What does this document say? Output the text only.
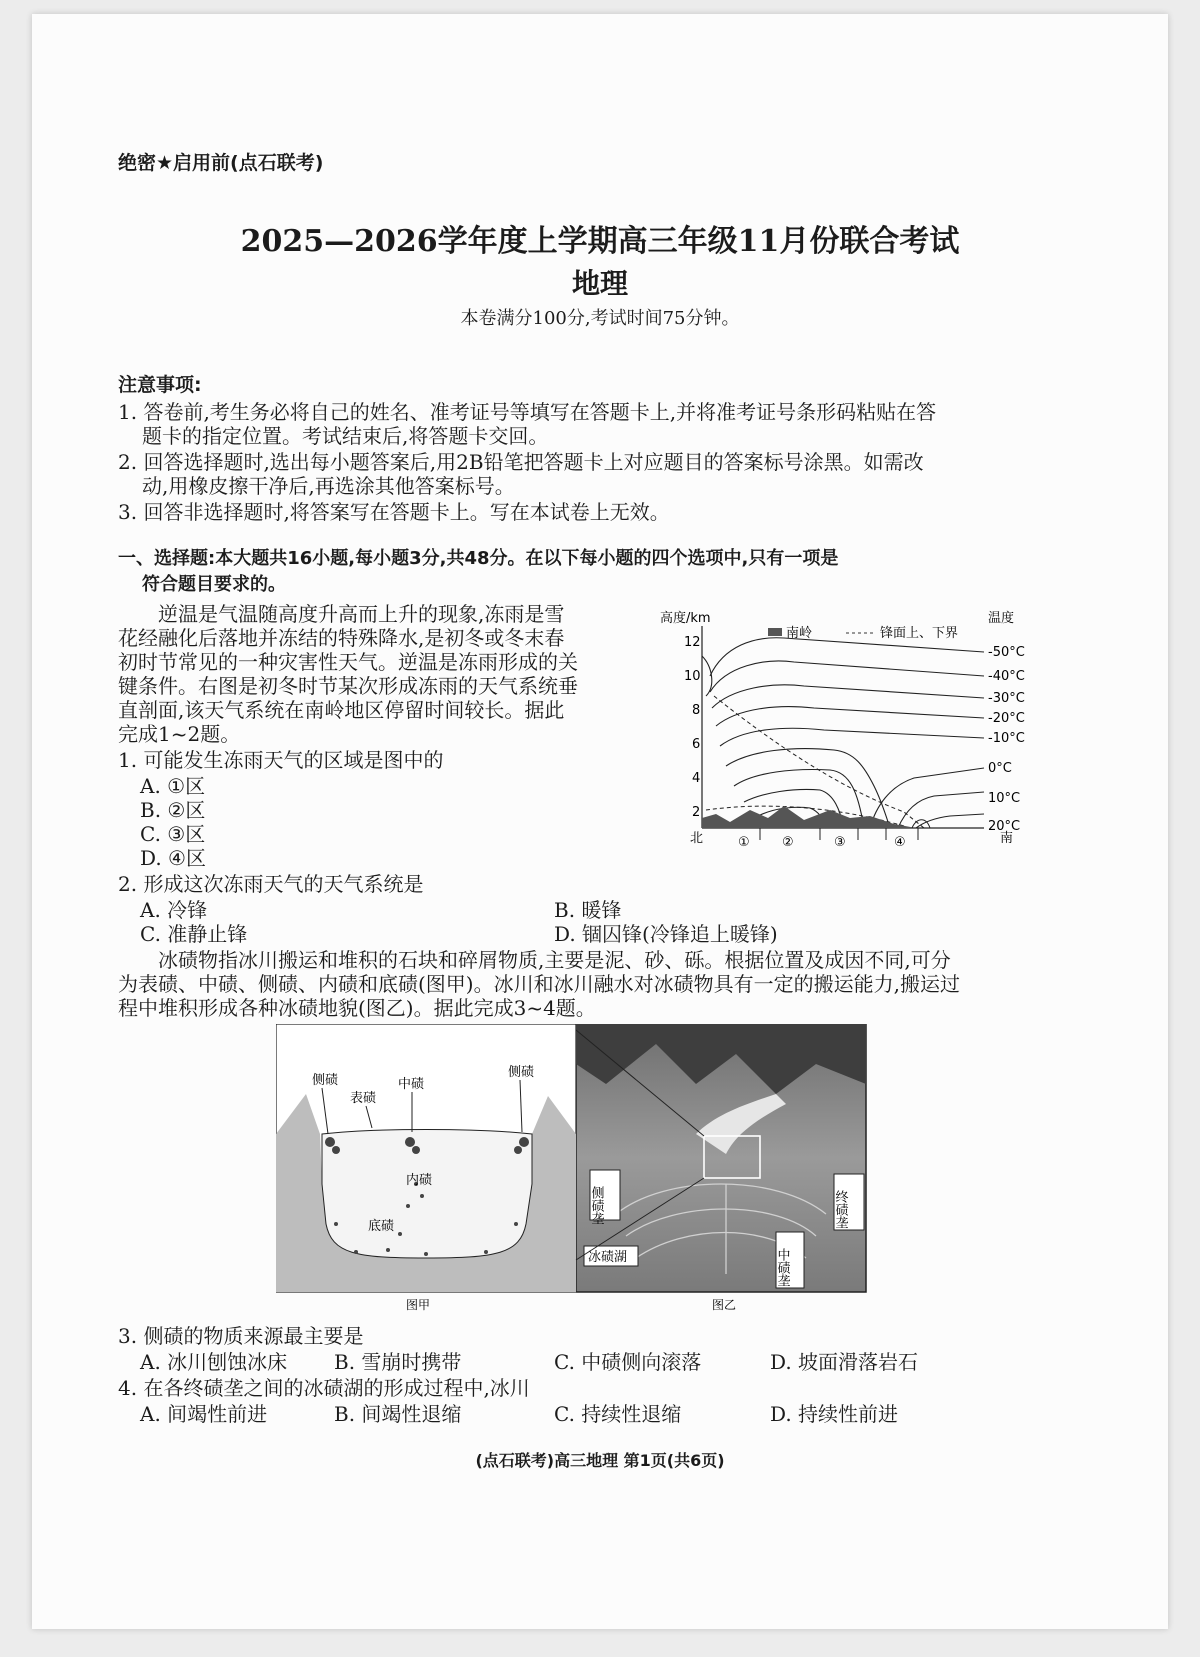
绝密★启用前(点石联考)
2025—2026学年度上学期高三年级11月份联合考试
地理
本卷满分100分,考试时间75分钟。
注意事项:
1. 答卷前,考生务必将自己的姓名、准考证号等填写在答题卡上,并将准考证号条形码粘贴在答
题卡的指定位置。考试结束后,将答题卡交回。
2. 回答选择题时,选出每小题答案后,用2B铅笔把答题卡上对应题目的答案标号涂黑。如需改
动,用橡皮擦干净后,再选涂其他答案标号。
3. 回答非选择题时,将答案写在答题卡上。写在本试卷上无效。
一、选择题:本大题共16小题,每小题3分,共48分。在以下每小题的四个选项中,只有一项是
符合题目要求的。
逆温是气温随高度升高而上升的现象,冻雨是雪
花经融化后落地并冻结的特殊降水,是初冬或冬末春
初时节常见的一种灾害性天气。逆温是冻雨形成的关
键条件。右图是初冬时节某次形成冻雨的天气系统垂
直剖面,该天气系统在南岭地区停留时间较长。据此
完成1~2题。
1. 可能发生冻雨天气的区域是图中的
A. ①区
B. ②区
C. ③区
D. ④区
2. 形成这次冻雨天气的天气系统是
A. 冷锋	B. 暖锋
C. 准静止锋	D. 锢囚锋(冷锋追上暖锋)
冰碛物指冰川搬运和堆积的石块和碎屑物质,主要是泥、砂、砾。根据位置及成因不同,可分
为表碛、中碛、侧碛、内碛和底碛(图甲)。冰川和冰川融水对冰碛物具有一定的搬运能力,搬运过
程中堆积形成各种冰碛地貌(图乙)。据此完成3~4题。
高度/km
南岭	锋面上、下界
温度
12
10
8
6
4
2
北	南
① ②	③	④
-50°C
-40°C
-30°C
-20°C
-10°C
0°C
10°C
20°C
侧碛
表碛
中碛
侧碛
内碛
底碛
图甲
侧碛垄	终碛垄
中碛垄
冰碛湖
图乙
3. 侧碛的物质来源最主要是
A. 冰川刨蚀冰床 B. 雪崩时携带	C. 中碛侧向滚落	D. 坡面滑落岩石
4. 在各终碛垄之间的冰碛湖的形成过程中,冰川
A. 间竭性前进	B. 间竭性退缩	C. 持续性退缩	D. 持续性前进
(点石联考)高三地理 第1页(共6页)
